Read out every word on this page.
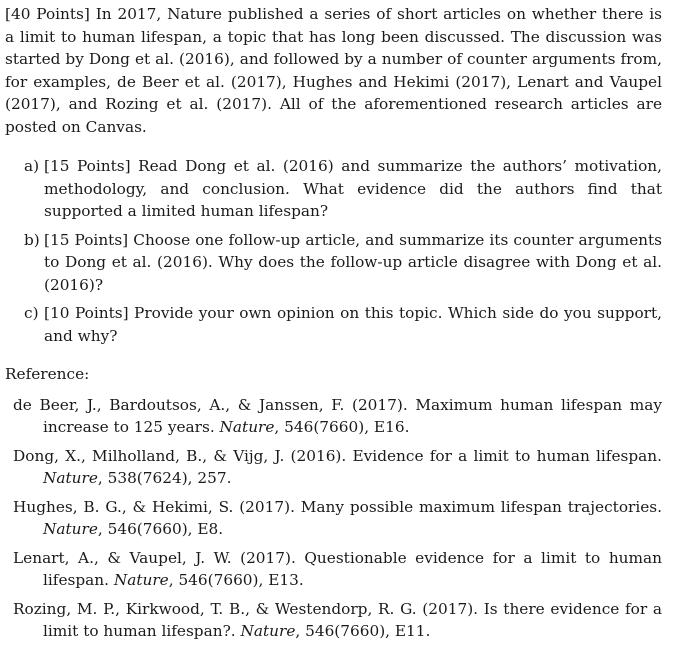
[40 Points] In 2017, Nature published a series of short articles on whether there is a limit to human lifespan, a topic that has long been discussed. The discussion was started by Dong et al. (2016), and followed by a number of counter arguments from, for examples, de Beer et al. (2017), Hughes and Hekimi (2017), Lenart and Vaupel (2017), and Rozing et al. (2017). All of the aforementioned research articles are posted on Canvas.

a) [15 Points] Read Dong et al. (2016) and summarize the authors’ motivation, methodology, and conclusion. What evidence did the authors find that supported a limited human lifespan?
b) [15 Points] Choose one follow-up article, and summarize its counter arguments to Dong et al. (2016). Why does the follow-up article disagree with Dong et al. (2016)?
c) [10 Points] Provide your own opinion on this topic. Which side do you support, and why?
Reference:
de Beer, J., Bardoutsos, A., & Janssen, F. (2017). Maximum human lifespan may increase to 125 years. Nature, 546(7660), E16.
Dong, X., Milholland, B., & Vijg, J. (2016). Evidence for a limit to human lifespan. Nature, 538(7624), 257.
Hughes, B. G., & Hekimi, S. (2017). Many possible maximum lifespan trajectories. Nature, 546(7660), E8.
Lenart, A., & Vaupel, J. W. (2017). Questionable evidence for a limit to human lifespan. Nature, 546(7660), E13.
Rozing, M. P., Kirkwood, T. B., & Westendorp, R. G. (2017). Is there evidence for a limit to human lifespan?. Nature, 546(7660), E11.
